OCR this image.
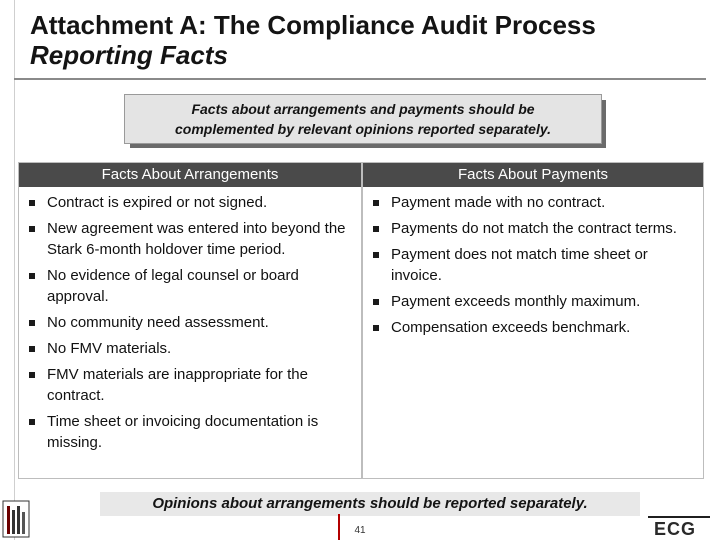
Attachment A: The Compliance Audit Process
Reporting Facts
Facts about arrangements and payments should be complemented by relevant opinions reported separately.
Facts About Arrangements
Contract is expired or not signed.
New agreement was entered into beyond the Stark 6-month holdover time period.
No evidence of legal counsel or board approval.
No community need assessment.
No FMV materials.
FMV materials are inappropriate for the contract.
Time sheet or invoicing documentation is missing.
Facts About Payments
Payment made with no contract.
Payments do not match the contract terms.
Payment does not match time sheet or invoice.
Payment exceeds monthly maximum.
Compensation exceeds benchmark.
Opinions about arrangements should be reported separately.
41	ECG
